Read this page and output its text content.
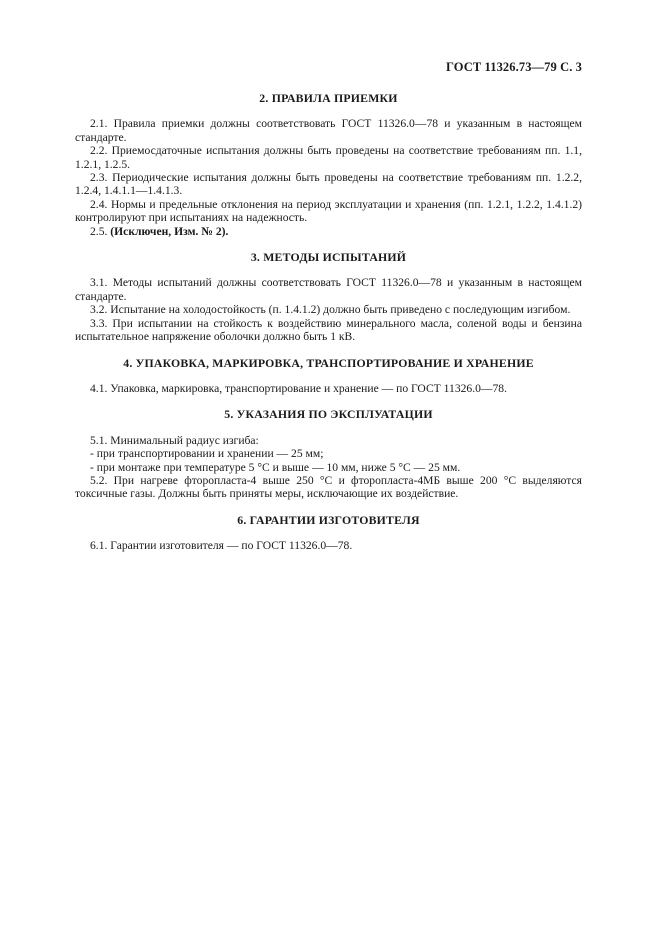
ГОСТ 11326.73—79 С. 3
2. ПРАВИЛА ПРИЕМКИ

2.1. Правила приемки должны соответствовать ГОСТ 11326.0—78 и указанным в настоящем стандарте.

2.2. Приемосдаточные испытания должны быть проведены на соответствие требованиям пп. 1.1, 1.2.1, 1.2.5.

2.3. Периодические испытания должны быть проведены на соответствие требованиям пп. 1.2.2, 1.2.4, 1.4.1.1—1.4.1.3.

2.4. Нормы и предельные отклонения на период эксплуатации и хранения (пп. 1.2.1, 1.2.2, 1.4.1.2) контролируют при испытаниях на надежность.

2.5. (Исключен, Изм. № 2).

3. МЕТОДЫ ИСПЫТАНИЙ

3.1. Методы испытаний должны соответствовать ГОСТ 11326.0—78 и указанным в настоящем стандарте.

3.2. Испытание на холодостойкость (п. 1.4.1.2) должно быть приведено с последующим изгибом.

3.3. При испытании на стойкость к воздействию минерального масла, соленой воды и бензина испытательное напряжение оболочки должно быть 1 кВ.

4. УПАКОВКА, МАРКИРОВКА, ТРАНСПОРТИРОВАНИЕ И ХРАНЕНИЕ

4.1. Упаковка, маркировка, транспортирование и хранение — по ГОСТ 11326.0—78.

5. УКАЗАНИЯ ПО ЭКСПЛУАТАЦИИ

5.1. Минимальный радиус изгиба:

- при транспортировании и хранении — 25 мм;

- при монтаже при температуре 5 °С и выше — 10 мм, ниже 5 °С — 25 мм.

5.2. При нагреве фторопласта-4 выше 250 °С и фторопласта-4МБ выше 200 °С выделяются токсичные газы. Должны быть приняты меры, исключающие их воздействие.

6. ГАРАНТИИ ИЗГОТОВИТЕЛЯ

6.1. Гарантии изготовителя — по ГОСТ 11326.0—78.
